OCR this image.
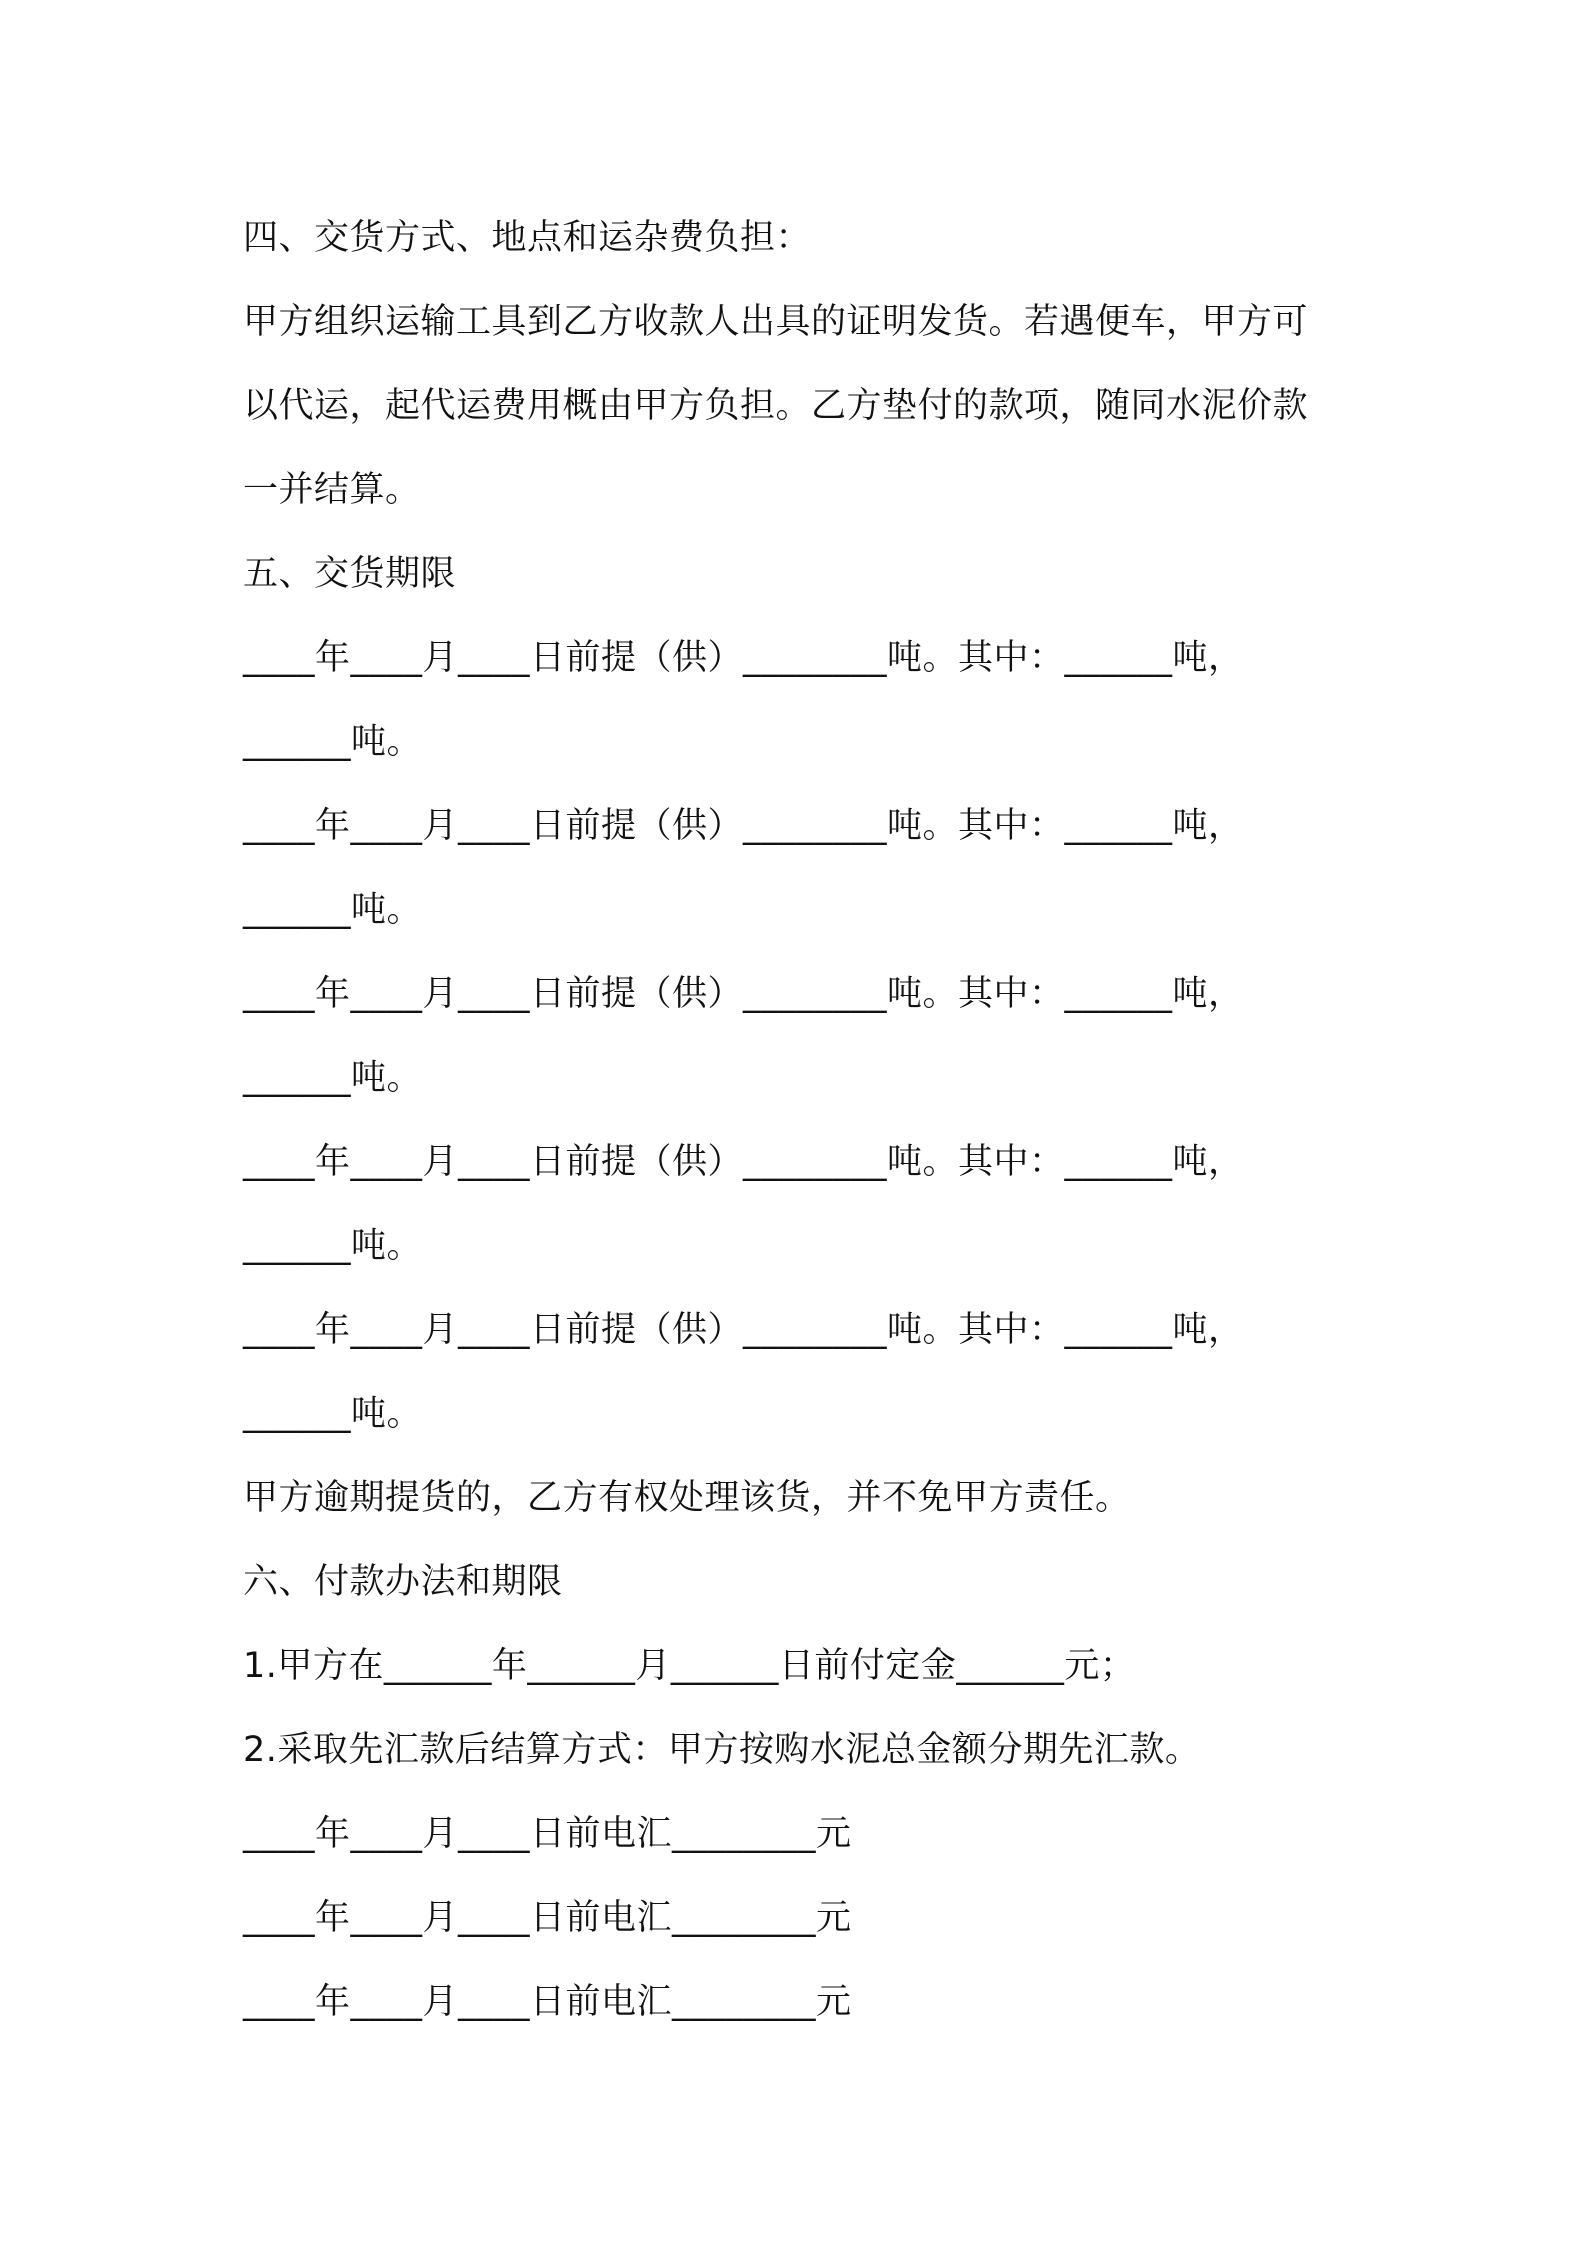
四、交货方式、地点和运杂费负担：

甲方组织运输工具到乙方收款人出具的证明发货。若遇便车，甲方可

以代运，起代运费用概由甲方负担。乙方垫付的款项，随同水泥价款

一并结算。

五、交货期限

____年____月____日前提（供）________吨。其中：______吨，

______吨。

____年____月____日前提（供）________吨。其中：______吨，

______吨。

____年____月____日前提（供）________吨。其中：______吨，

______吨。

____年____月____日前提（供）________吨。其中：______吨，

______吨。

____年____月____日前提（供）________吨。其中：______吨，

______吨。

甲方逾期提货的，乙方有权处理该货，并不免甲方责任。

六、付款办法和期限

1.甲方在______年______月______日前付定金______元；

2.采取先汇款后结算方式：甲方按购水泥总金额分期先汇款。

____年____月____日前电汇________元

____年____月____日前电汇________元

____年____月____日前电汇________元
